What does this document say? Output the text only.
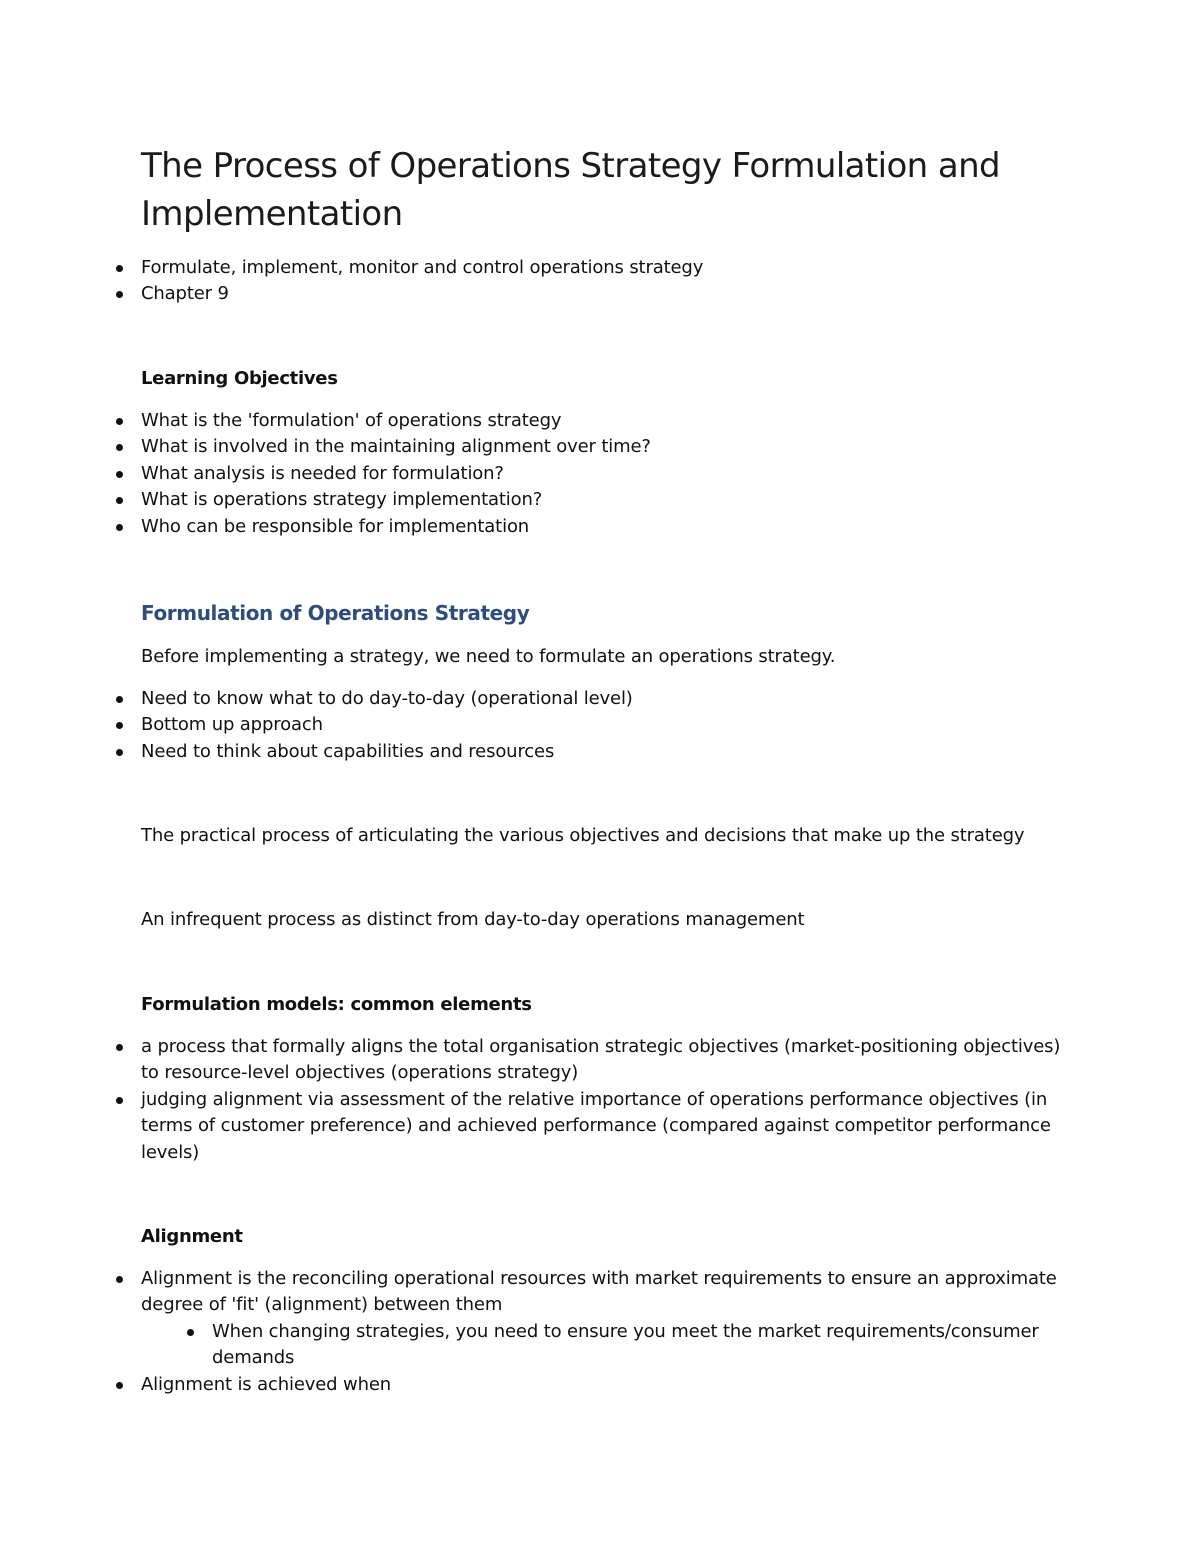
The Process of Operations Strategy Formulation and Implementation
Formulate, implement, monitor and control operations strategy
Chapter 9
Learning Objectives
What is the 'formulation' of operations strategy
What is involved in the maintaining alignment over time?
What analysis is needed for formulation?
What is operations strategy implementation?
Who can be responsible for implementation
Formulation of Operations Strategy

Before implementing a strategy, we need to formulate an operations strategy.

Need to know what to do day-to-day (operational level)
Bottom up approach
Need to think about capabilities and resources

The practical process of articulating the various objectives and decisions that make up the strategy

An infrequent process as distinct from day-to-day operations management

Formulation models: common elements
a process that formally aligns the total organisation strategic objectives (market-positioning objectives) to resource-level objectives (operations strategy)
judging alignment via assessment of the relative importance of operations performance objectives (in terms of customer preference) and achieved performance (compared against competitor performance levels)
Alignment
Alignment is the reconciling operational resources with market requirements to ensure an approximate degree of 'fit' (alignment) between them
When changing strategies, you need to ensure you meet the market requirements/consumer demands
Alignment is achieved when
